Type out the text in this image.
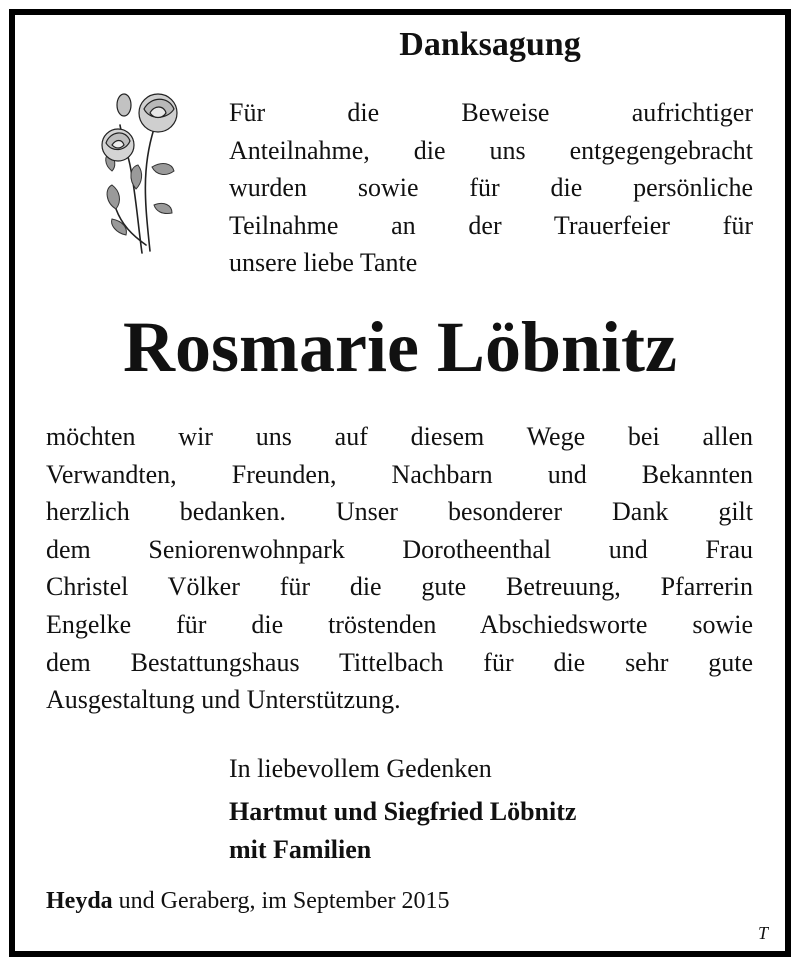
Danksagung

Für die Beweise aufrichtiger
Anteilnahme, die uns entgegengebracht
wurden sowie für die persönliche
Teilnahme an der Trauerfeier für
unsere liebe Tante

Rosmarie Löbnitz

möchten wir uns auf diesem Wege bei allen
Verwandten, Freunden, Nachbarn und Bekannten
herzlich bedanken. Unser besonderer Dank gilt
dem Seniorenwohnpark Dorotheenthal und Frau
Christel Völker für die gute Betreuung, Pfarrerin
Engelke für die tröstenden Abschiedsworte sowie
dem Bestattungshaus Tittelbach für die sehr gute
Ausgestaltung und Unterstützung.

In liebevollem Gedenken

Hartmut und Siegfried Löbnitz
mit Familien

Heyda und Geraberg, im September 2015

T
